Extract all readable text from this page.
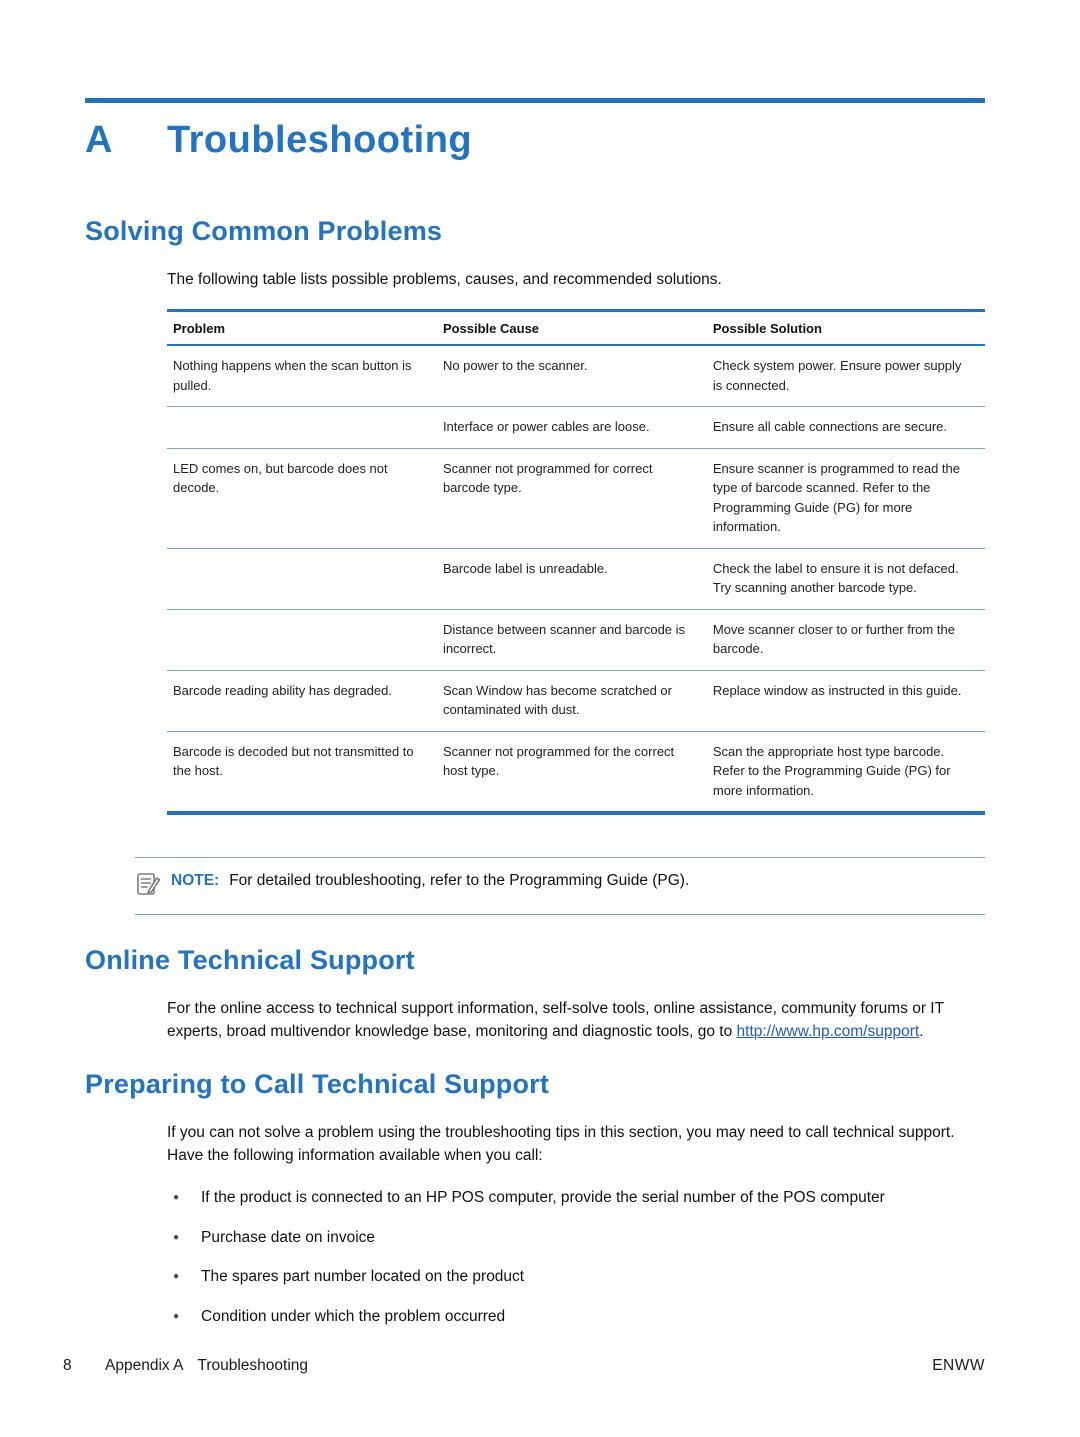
A	Troubleshooting
Solving Common Problems

The following table lists possible problems, causes, and recommended solutions.

Problem	Possible Cause	Possible Solution
Nothing happens when the scan button is pulled.	No power to the scanner.	Check system power. Ensure power supply is connected.
	Interface or power cables are loose.	Ensure all cable connections are secure.
LED comes on, but barcode does not decode.	Scanner not programmed for correct barcode type.	Ensure scanner is programmed to read the type of barcode scanned. Refer to the Programming Guide (PG) for more information.
	Barcode label is unreadable.	Check the label to ensure it is not defaced. Try scanning another barcode type.
	Distance between scanner and barcode is incorrect.	Move scanner closer to or further from the barcode.
Barcode reading ability has degraded.	Scan Window has become scratched or contaminated with dust.	Replace window as instructed in this guide.
Barcode is decoded but not transmitted to the host.	Scanner not programmed for the correct host type.	Scan the appropriate host type barcode. Refer to the Programming Guide (PG) for more information.
NOTE: For detailed troubleshooting, refer to the Programming Guide (PG).
Online Technical Support

For the online access to technical support information, self-solve tools, online assistance, community forums or IT experts, broad multivendor knowledge base, monitoring and diagnostic tools, go to http://www.hp.com/support.

Preparing to Call Technical Support

If you can not solve a problem using the troubleshooting tips in this section, you may need to call technical support. Have the following information available when you call:

●	If the product is connected to an HP POS computer, provide the serial number of the POS computer
●	Purchase date on invoice
●	The spares part number located on the product
●	Condition under which the problem occurred
8	Appendix A Troubleshooting	ENWW
